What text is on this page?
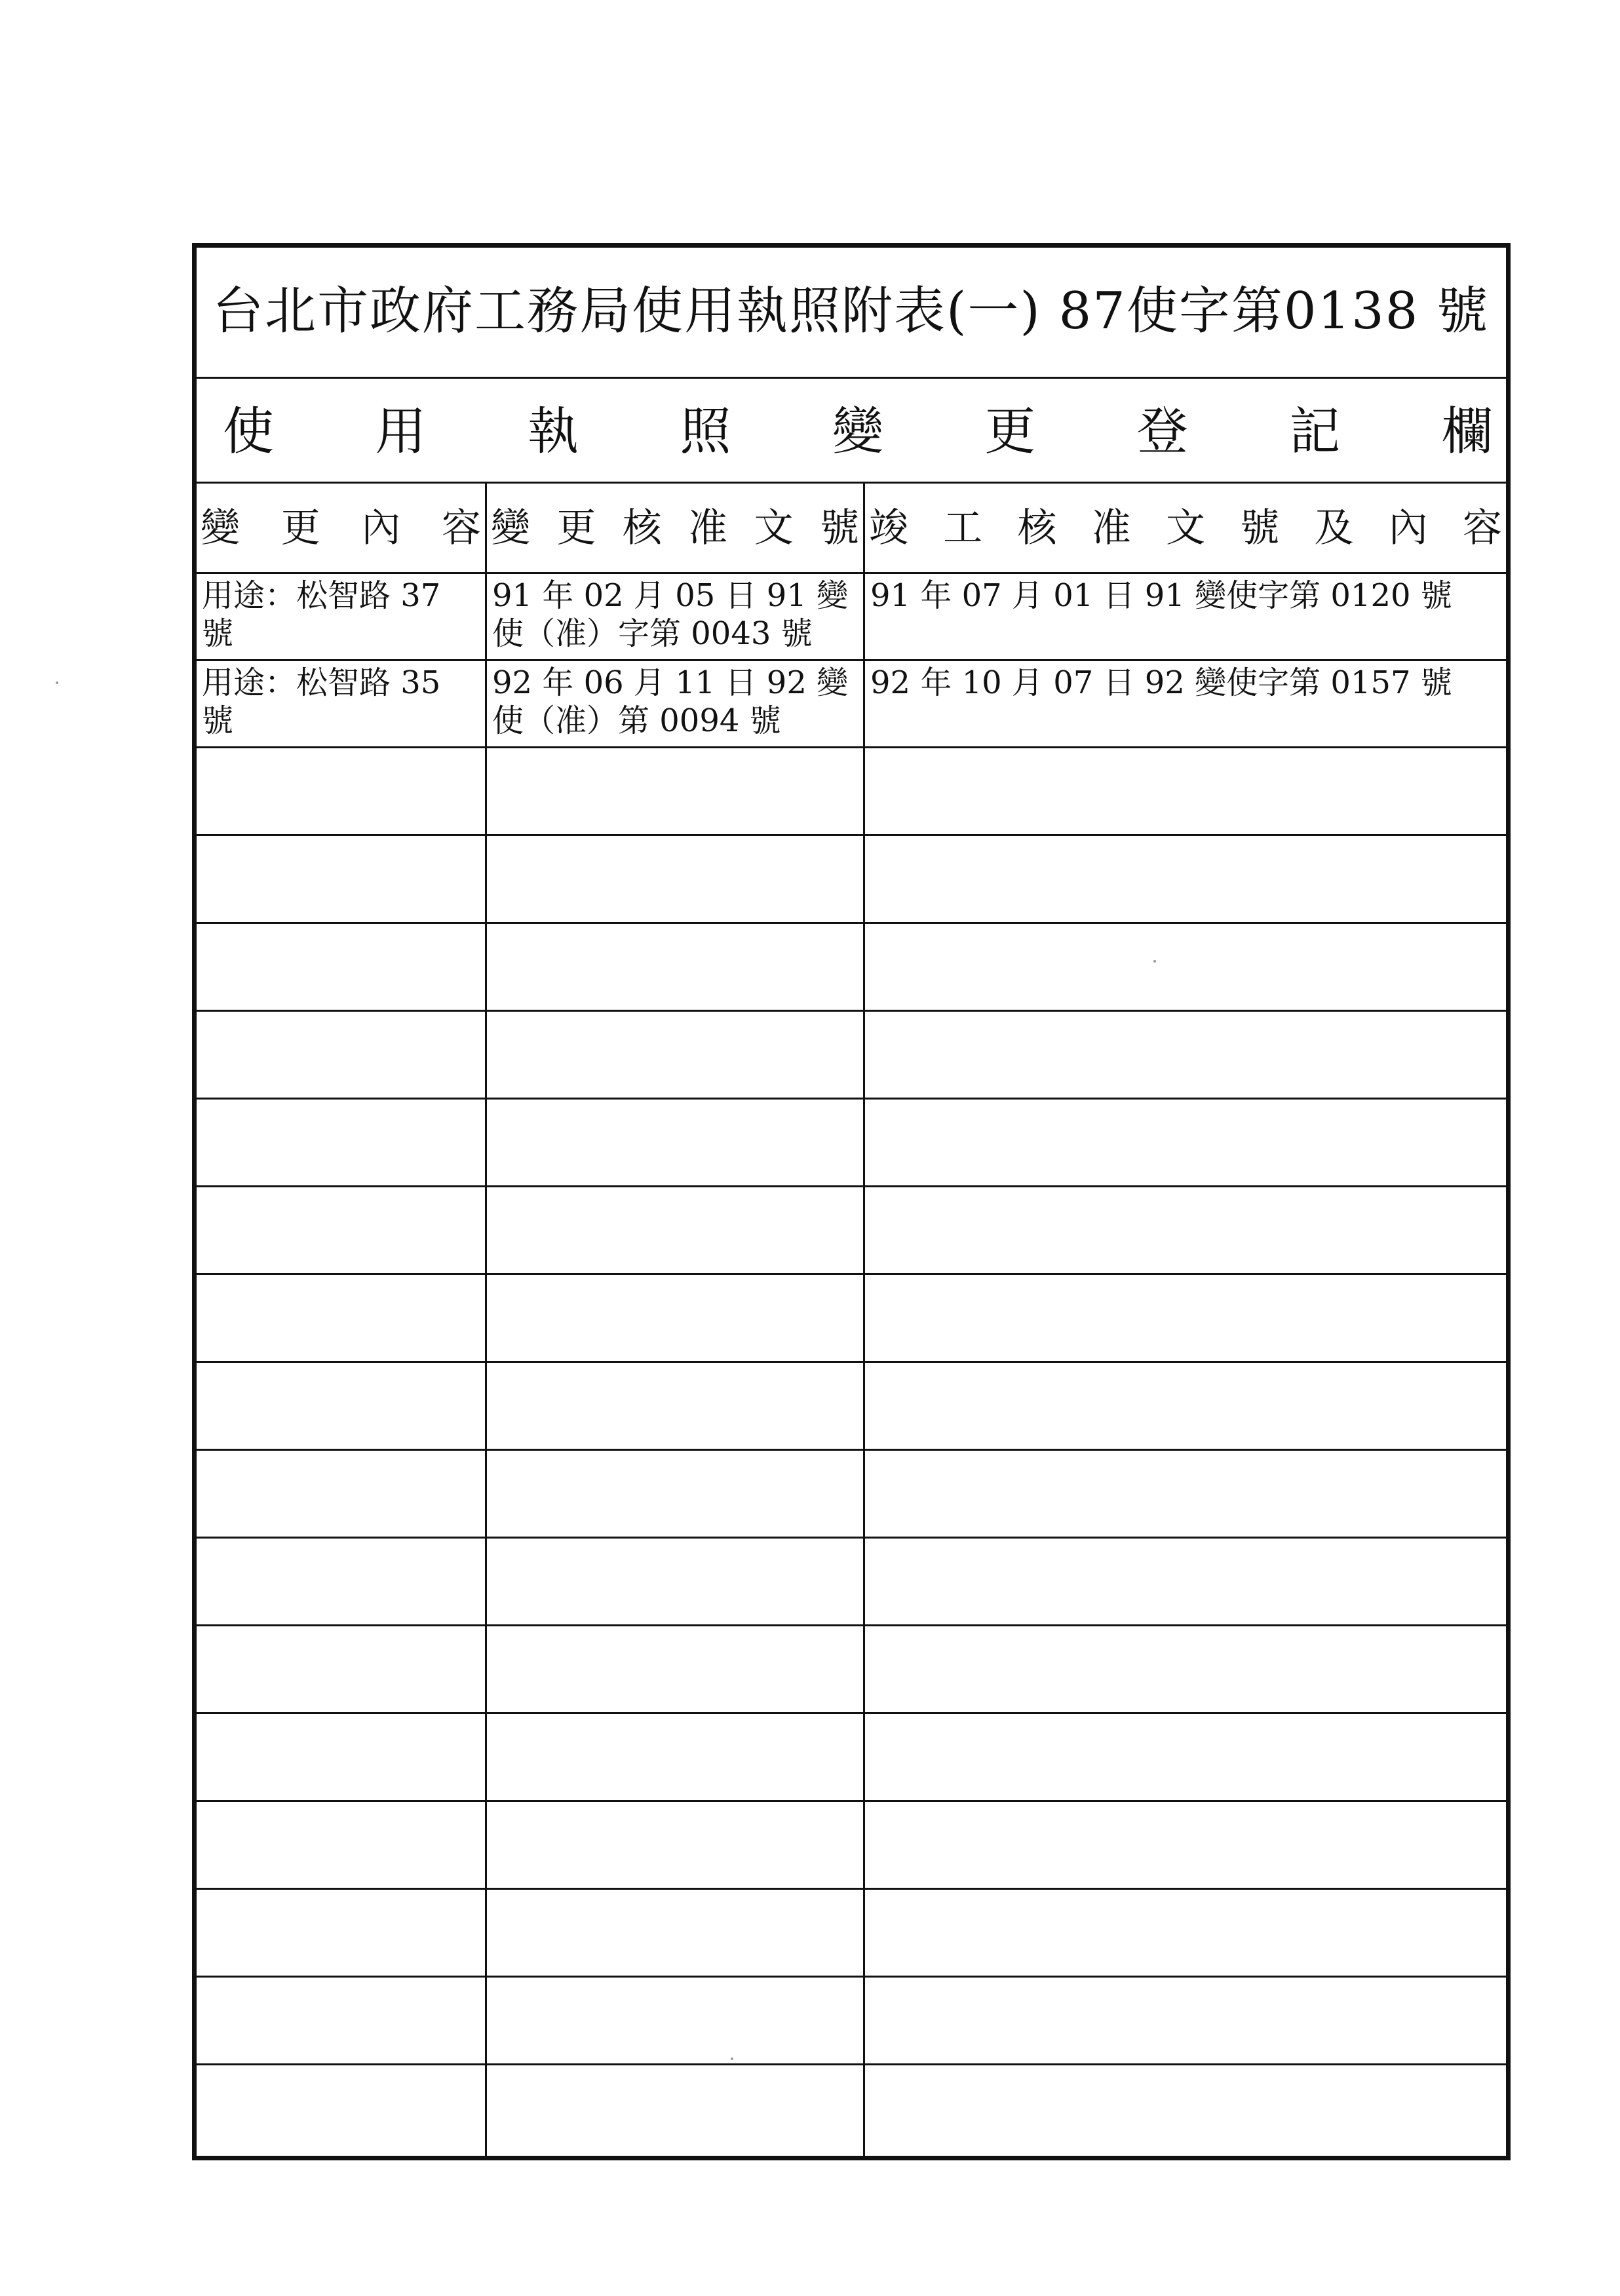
台北市政府工務局使用執照附表(一) 87使字第0138 號
使 用 執 照 變 更 登 記 欄
變 更 內 容 變 更 核 准 文 號 竣 工 核 准 文 號 及 內 容
用途：松智路 37
號
91 年 02 月 05 日 91 變
使（准）字第 0043 號
91 年 07 月 01 日 91 變使字第 0120 號
用途：松智路 35
號
92 年 06 月 11 日 92 變
使（准）第 0094 號
92 年 10 月 07 日 92 變使字第 0157 號
